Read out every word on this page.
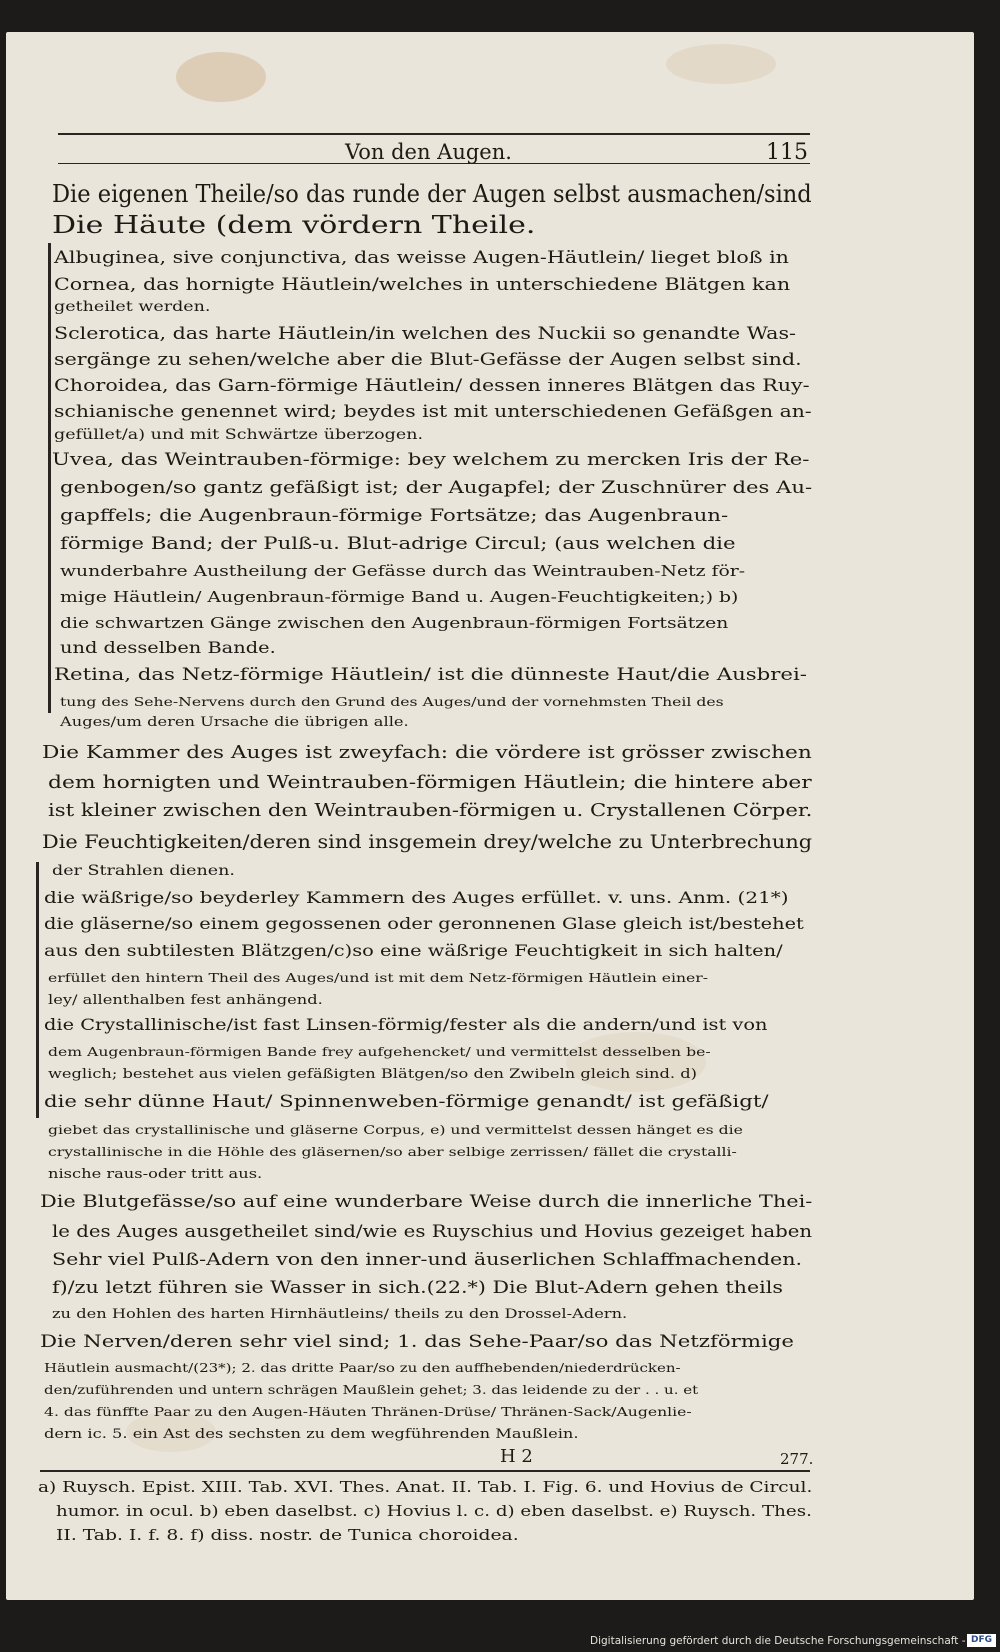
Von den Augen.	115
Die eigenen Theile/so das runde der Augen selbst ausmachen/sind
Die Häute (dem vördern Theile.
Albuginea, sive conjunctiva, das weisse Augen-Häutlein/ lieget bloß in
Cornea, das hornigte Häutlein/welches in unterschiedene Blätgen kan
getheilet werden.
Sclerotica, das harte Häutlein/in welchen des Nuckii so genandte Was-
sergänge zu sehen/welche aber die Blut-Gefässe der Augen selbst sind.
Choroidea, das Garn-förmige Häutlein/ dessen inneres Blätgen das Ruy-
schianische genennet wird; beydes ist mit unterschiedenen Gefäßgen an-
gefüllet/a) und mit Schwärtze überzogen.
Uvea, das Weintrauben-förmige: bey welchem zu mercken Iris der Re-
genbogen/so gantz gefäßigt ist; der Augapfel; der Zuschnürer des Au-
gapffels; die Augenbraun-förmige Fortsätze; das Augenbraun-
förmige Band; der Pulß-u. Blut-adrige Circul; (aus welchen die
wunderbahre Austheilung der Gefässe durch das Weintrauben-Netz för-
mige Häutlein/ Augenbraun-förmige Band u. Augen-Feuchtigkeiten;) b)
die schwartzen Gänge zwischen den Augenbraun-förmigen Fortsätzen
und desselben Bande.
Retina, das Netz-förmige Häutlein/ ist die dünneste Haut/die Ausbrei-
tung des Sehe-Nervens durch den Grund des Auges/und der vornehmsten Theil des
Auges/um deren Ursache die übrigen alle.
Die Kammer des Auges ist zweyfach: die vördere ist grösser zwischen
dem hornigten und Weintrauben-förmigen Häutlein; die hintere aber
ist kleiner zwischen den Weintrauben-förmigen u. Crystallenen Cörper.
Die Feuchtigkeiten/deren sind insgemein drey/welche zu Unterbrechung
der Strahlen dienen.
die wäßrige/so beyderley Kammern des Auges erfüllet. v. uns. Anm. (21*)
die gläserne/so einem gegossenen oder geronnenen Glase gleich ist/bestehet
aus den subtilesten Blätzgen/c)so eine wäßrige Feuchtigkeit in sich halten/
erfüllet den hintern Theil des Auges/und ist mit dem Netz-förmigen Häutlein einer-
ley/ allenthalben fest anhängend.
die Crystallinische/ist fast Linsen-förmig/fester als die andern/und ist von
dem Augenbraun-förmigen Bande frey aufgehencket/ und vermittelst desselben be-
weglich; bestehet aus vielen gefäßigten Blätgen/so den Zwibeln gleich sind. d)
die sehr dünne Haut/ Spinnenweben-förmige genandt/ ist gefäßigt/
giebet das crystallinische und gläserne Corpus, e) und vermittelst dessen hänget es die
crystallinische in die Höhle des gläsernen/so aber selbige zerrissen/ fället die crystalli-
nische raus-oder tritt aus.
Die Blutgefässe/so auf eine wunderbare Weise durch die innerliche Thei-
le des Auges ausgetheilet sind/wie es Ruyschius und Hovius gezeiget haben
Sehr viel Pulß-Adern von den inner-und äuserlichen Schlaffmachenden.
f)/zu letzt führen sie Wasser in sich.(22.*) Die Blut-Adern gehen theils
zu den Hohlen des harten Hirnhäutleins/ theils zu den Drossel-Adern.
Die Nerven/deren sehr viel sind; 1. das Sehe-Paar/so das Netzförmige
Häutlein ausmacht/(23*); 2. das dritte Paar/so zu den auffhebenden/niederdrücken-
den/zuführenden und untern schrägen Maußlein gehet; 3. das leidende zu der . . u. et
4. das fünffte Paar zu den Augen-Häuten Thränen-Drüse/ Thränen-Sack/Augenlie-
dern ic. 5. ein Ast des sechsten zu dem wegführenden Maußlein.
H 2	277.
a) Ruysch. Epist. XIII. Tab. XVI. Thes. Anat. II. Tab. I. Fig. 6. und Hovius de Circul.
humor. in ocul. b) eben daselbst. c) Hovius l. c. d) eben daselbst. e) Ruysch. Thes.
II. Tab. I. f. 8. f) diss. nostr. de Tunica choroidea.
Digitalisierung gefördert durch die Deutsche Forschungsgemeinschaft - DFG
